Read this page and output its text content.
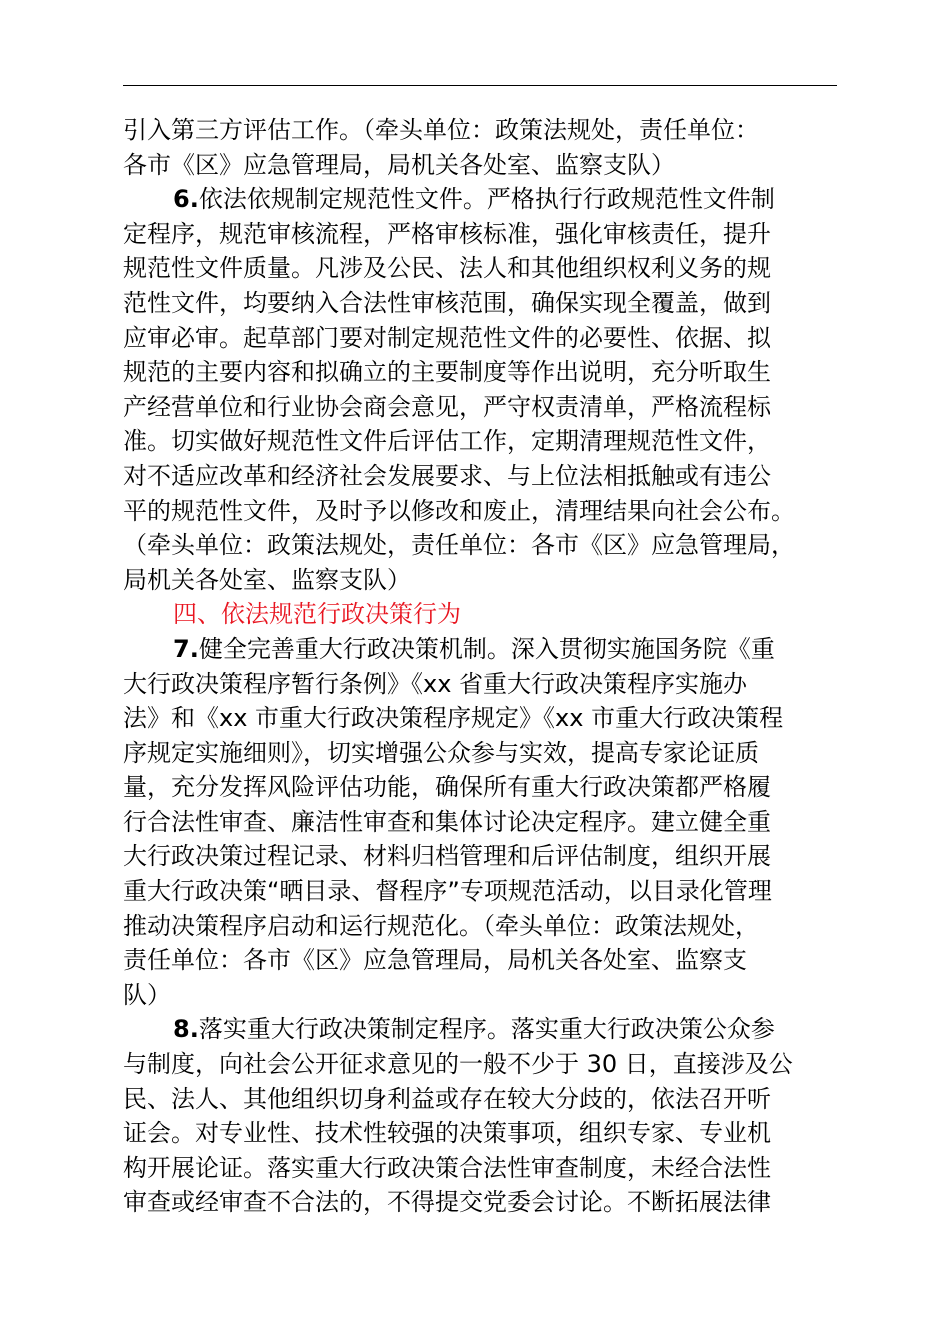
引入第三方评估工作。（牵头单位：政策法规处，责任单位：
各市《区》应急管理局，局机关各处室、监察支队）
6.依法依规制定规范性文件。严格执行行政规范性文件制
定程序，规范审核流程，严格审核标准，强化审核责任，提升
规范性文件质量。凡涉及公民、法人和其他组织权利义务的规
范性文件，均要纳入合法性审核范围，确保实现全覆盖，做到
应审必审。起草部门要对制定规范性文件的必要性、依据、拟
规范的主要内容和拟确立的主要制度等作出说明，充分听取生
产经营单位和行业协会商会意见，严守权责清单，严格流程标
准。切实做好规范性文件后评估工作，定期清理规范性文件，
对不适应改革和经济社会发展要求、与上位法相抵触或有违公
平的规范性文件，及时予以修改和废止，清理结果向社会公布。
（牵头单位：政策法规处，责任单位：各市《区》应急管理局，
局机关各处室、监察支队）
四、依法规范行政决策行为
7.健全完善重大行政决策机制。深入贯彻实施国务院《重
大行政决策程序暂行条例》《xx 省重大行政决策程序实施办
法》和《xx 市重大行政决策程序规定》《xx 市重大行政决策程
序规定实施细则》，切实增强公众参与实效，提高专家论证质
量，充分发挥风险评估功能，确保所有重大行政决策都严格履
行合法性审查、廉洁性审查和集体讨论决定程序。建立健全重
大行政决策过程记录、材料归档管理和后评估制度，组织开展
重大行政决策“晒目录、督程序”专项规范活动，以目录化管理
推动决策程序启动和运行规范化。（牵头单位：政策法规处，
责任单位：各市《区》应急管理局，局机关各处室、监察支
队）
8.落实重大行政决策制定程序。落实重大行政决策公众参
与制度，向社会公开征求意见的一般不少于 30 日，直接涉及公
民、法人、其他组织切身利益或存在较大分歧的，依法召开听
证会。对专业性、技术性较强的决策事项，组织专家、专业机
构开展论证。落实重大行政决策合法性审查制度，未经合法性
审查或经审查不合法的，不得提交党委会讨论。不断拓展法律
